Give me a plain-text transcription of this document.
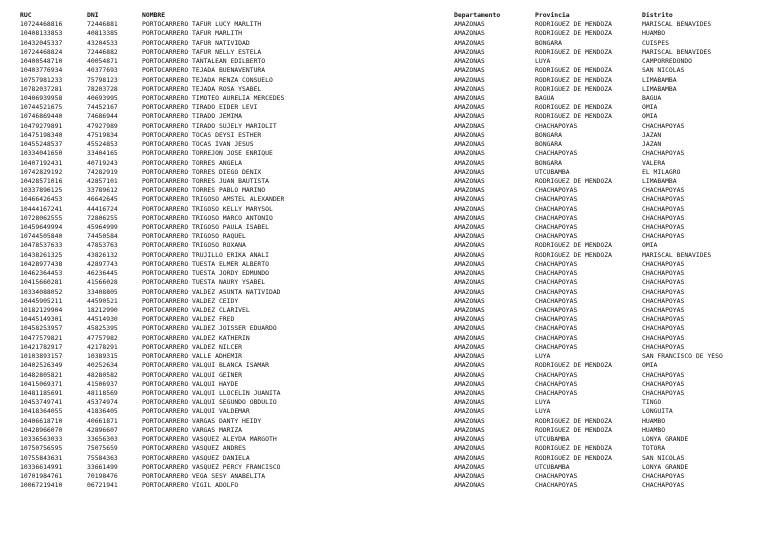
	RUC	DNI	NOMBRE	Departamento	Provincia	Distrito
	10724468816	72446881	PORTOCARRERO TAFUR LUCY MARLITH	AMAZONAS	RODRIGUEZ DE MENDOZA	MARISCAL BENAVIDES
	10408133853	40813385	PORTOCARRERO TAFUR MARLITH	AMAZONAS	RODRIGUEZ DE MENDOZA	HUAMBO
	10432045337	43204533	PORTOCARRERO TAFUR NATIVIDAD	AMAZONAS	BONGARA	CUISPES
	10724468824	72446882	PORTOCARRERO TAFUR NELLY ESTELA	AMAZONAS	RODRIGUEZ DE MENDOZA	MARISCAL BENAVIDES
	10400548710	40054871	PORTOCARRERO TANTALEAN EDILBERTO	AMAZONAS	LUYA	CAMPORREDONDO
	10403776934	40377693	PORTOCARRERO TEJADA BUENAVENTURA	AMAZONAS	RODRIGUEZ DE MENDOZA	SAN NICOLAS
	10757981233	75798123	PORTOCARRERO TEJADA RENZA CONSUELO	AMAZONAS	RODRIGUEZ DE MENDOZA	LIMABAMBA
	10782037281	78203728	PORTOCARRERO TEJADA ROSA YSABEL	AMAZONAS	RODRIGUEZ DE MENDOZA	LIMABAMBA
	10406939958	40693995	PORTOCARRERO TIMOTEO AURELIA MERCEDES	AMAZONAS	BAGUA	BAGUA
	10744521675	74452167	PORTOCARRERO TIRADO EIDER LEVI	AMAZONAS	RODRIGUEZ DE MENDOZA	OMIA
	10746869440	74686944	PORTOCARRERO TIRADO JEMIMA	AMAZONAS	RODRIGUEZ DE MENDOZA	OMIA
	10479279891	47927989	PORTOCARRERO TIRADO SUJELY MARIOLIT	AMAZONAS	CHACHAPOYAS	CHACHAPOYAS
	10475198340	47519834	PORTOCARRERO TOCAS DEYSI ESTHER	AMAZONAS	BONGARA	JAZAN
	10455248537	45524853	PORTOCARRERO TOCAS IVAN JESUS	AMAZONAS	BONGARA	JAZAN
	10334041650	33404165	PORTOCARRERO TORREJON JOSE ENRIQUE	AMAZONAS	CHACHAPOYAS	CHACHAPOYAS
	10407192431	40719243	PORTOCARRERO TORRES ANGELA	AMAZONAS	BONGARA	VALERA
	10742829192	74282919	PORTOCARRERO TORRES DIEGO DENIX	AMAZONAS	UTCUBAMBA	EL MILAGRO
	10428571016	42857101	PORTOCARRERO TORRES JUAN BAUTISTA	AMAZONAS	RODRIGUEZ DE MENDOZA	LIMABAMBA
	10337896125	33789612	PORTOCARRERO TORRES PABLO MARINO	AMAZONAS	CHACHAPOYAS	CHACHAPOYAS
	10466426453	46642645	PORTOCARRERO TRIGOSO AMSTEL ALEXANDER	AMAZONAS	CHACHAPOYAS	CHACHAPOYAS
	10444167241	44416724	PORTOCARRERO TRIGOSO KELLY MARYSOL	AMAZONAS	CHACHAPOYAS	CHACHAPOYAS
	10728062555	72806255	PORTOCARRERO TRIGOSO MARCO ANTONIO	AMAZONAS	CHACHAPOYAS	CHACHAPOYAS
	10459649994	45964999	PORTOCARRERO TRIGOSO PAULA ISABEL	AMAZONAS	CHACHAPOYAS	CHACHAPOYAS
	10744505840	74450584	PORTOCARRERO TRIGOSO RAQUEL	AMAZONAS	CHACHAPOYAS	CHACHAPOYAS
	10478537633	47853763	PORTOCARRERO TRIGOSO ROXANA	AMAZONAS	RODRIGUEZ DE MENDOZA	OMIA
	10438261325	43826132	PORTOCARRERO TRUJILLO ERIKA ANALI	AMAZONAS	RODRIGUEZ DE MENDOZA	MARISCAL BENAVIDES
	10428977438	42897743	PORTOCARRERO TUESTA ELMER ALBERTO	AMAZONAS	CHACHAPOYAS	CHACHAPOYAS
	10462364453	46236445	PORTOCARRERO TUESTA JORDY EDMUNDO	AMAZONAS	CHACHAPOYAS	CHACHAPOYAS
	10415660281	41566028	PORTOCARRERO TUESTA NAURY YSABEL	AMAZONAS	CHACHAPOYAS	CHACHAPOYAS
	10334088052	33408805	PORTOCARRERO VALDEZ ASUNTA NATIVIDAD	AMAZONAS	CHACHAPOYAS	CHACHAPOYAS
	10445905211	44590521	PORTOCARRERO VALDEZ CEIDY	AMAZONAS	CHACHAPOYAS	CHACHAPOYAS
	10182129904	18212990	PORTOCARRERO VALDEZ CLARIVEL	AMAZONAS	CHACHAPOYAS	CHACHAPOYAS
	10445149301	44514930	PORTOCARRERO VALDEZ FRED	AMAZONAS	CHACHAPOYAS	CHACHAPOYAS
	10458253957	45825395	PORTOCARRERO VALDEZ JOISSER EDUARDO	AMAZONAS	CHACHAPOYAS	CHACHAPOYAS
	10477579821	47757982	PORTOCARRERO VALDEZ KATHERIN	AMAZONAS	CHACHAPOYAS	CHACHAPOYAS
	10421782917	42178291	PORTOCARRERO VALDEZ NILCER	AMAZONAS	CHACHAPOYAS	CHACHAPOYAS
	10103893157	10389315	PORTOCARRERO VALLE ADHEMIR	AMAZONAS	LUYA	SAN FRANCISCO DE YESO
	10402526349	40252634	PORTOCARRERO VALQUI BLANCA ISAMAR	AMAZONAS	RODRIGUEZ DE MENDOZA	OMIA
	10482805821	48280582	PORTOCARRERO VALQUI GEINER	AMAZONAS	CHACHAPOYAS	CHACHAPOYAS
	10415069371	41506937	PORTOCARRERO VALQUI HAYDE	AMAZONAS	CHACHAPOYAS	CHACHAPOYAS
	10481185691	48118569	PORTOCARRERO VALQUI LLOCELIN JUANITA	AMAZONAS	CHACHAPOYAS	CHACHAPOYAS
	10453749741	45374974	PORTOCARRERO VALQUI SEGUNDO OBDULIO	AMAZONAS	LUYA	TINGO
	10418364055	41836405	PORTOCARRERO VALQUI VALDEMAR	AMAZONAS	LUYA	LONGUITA
	10406618710	40661871	PORTOCARRERO VARGAS DANTY HEIDY	AMAZONAS	RODRIGUEZ DE MENDOZA	HUAMBO
	10428966070	42896607	PORTOCARRERO VARGAS MARIZA	AMAZONAS	RODRIGUEZ DE MENDOZA	HUAMBO
	10336563033	33656303	PORTOCARRERO VASQUEZ ALEYDA MARGOTH	AMAZONAS	UTCUBAMBA	LONYA GRANDE
	10750756595	75075659	PORTOCARRERO VASQUEZ ANDRES	AMAZONAS	RODRIGUEZ DE MENDOZA	TOTORA
	10755843631	75584363	PORTOCARRERO VASQUEZ DANIELA	AMAZONAS	RODRIGUEZ DE MENDOZA	SAN NICOLAS
	10336614991	33661499	PORTOCARRERO VASQUEZ PERCY FRANCISCO	AMAZONAS	UTCUBAMBA	LONYA GRANDE
	10701984761	70198476	PORTOCARRERO VEGA SESY ANABELITA	AMAZONAS	CHACHAPOYAS	CHACHAPOYAS
	10067219410	06721941	PORTOCARRERO VIGIL ADOLFO	AMAZONAS	CHACHAPOYAS	CHACHAPOYAS
